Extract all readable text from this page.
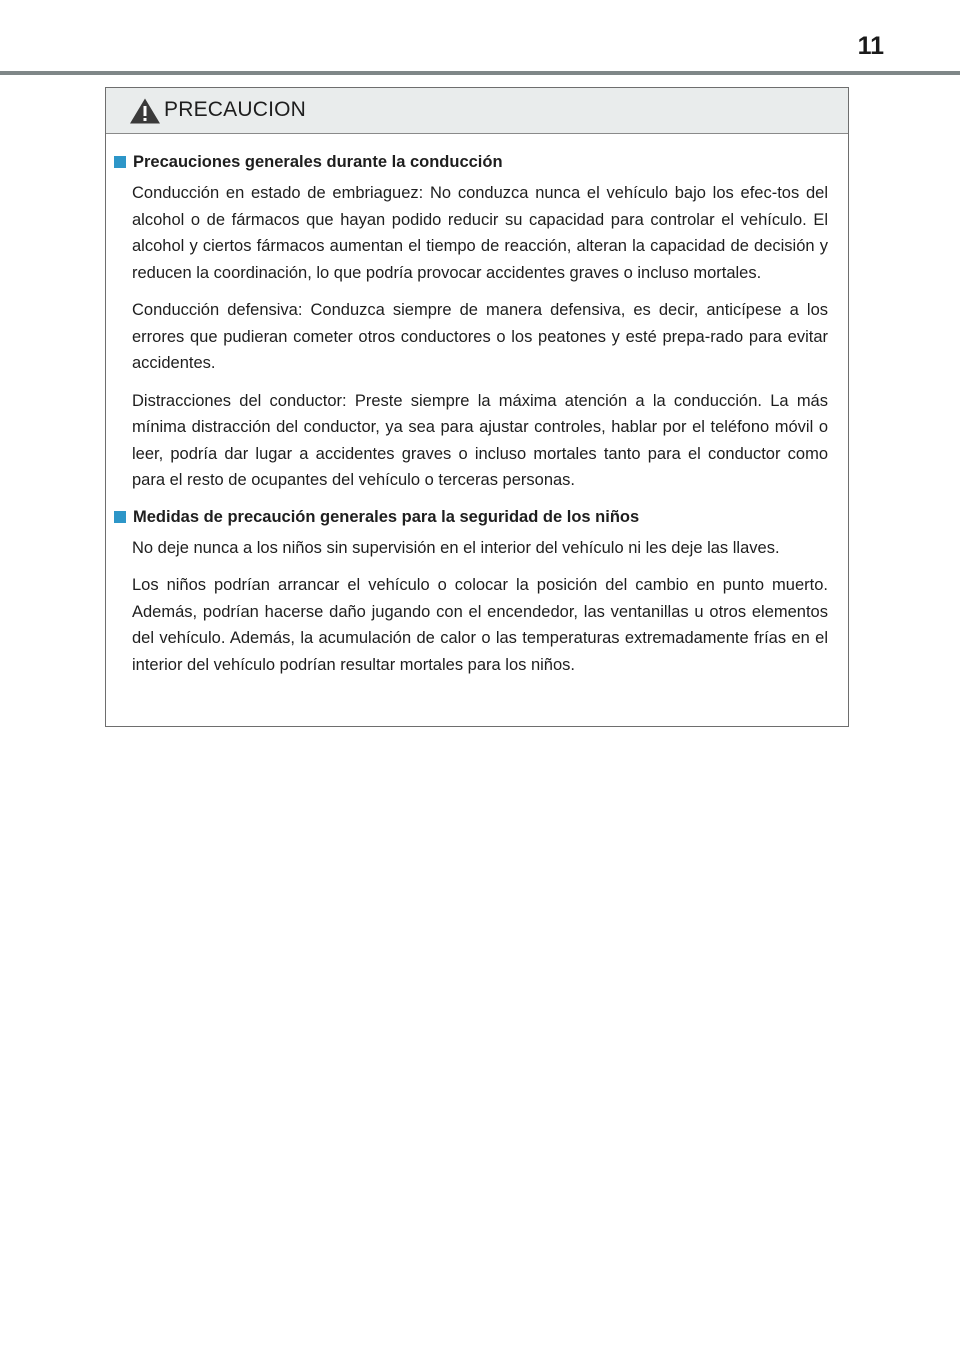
11
PRECAUCION
Precauciones generales durante la conducción

Conducción en estado de embriaguez: No conduzca nunca el vehículo bajo los efec-tos del alcohol o de fármacos que hayan podido reducir su capacidad para controlar el vehículo. El alcohol y ciertos fármacos aumentan el tiempo de reacción, alteran la capacidad de decisión y reducen la coordinación, lo que podría provocar accidentes graves o incluso mortales.

Conducción defensiva: Conduzca siempre de manera defensiva, es decir, anticípese a los errores que pudieran cometer otros conductores o los peatones y esté prepa-rado para evitar accidentes.

Distracciones del conductor: Preste siempre la máxima atención a la conducción. La más mínima distracción del conductor, ya sea para ajustar controles, hablar por el teléfono móvil o leer, podría dar lugar a accidentes graves o incluso mortales tanto para el conductor como para el resto de ocupantes del vehículo o terceras personas.

Medidas de precaución generales para la seguridad de los niños

No deje nunca a los niños sin supervisión en el interior del vehículo ni les deje las llaves.

Los niños podrían arrancar el vehículo o colocar la posición del cambio en punto muerto. Además, podrían hacerse daño jugando con el encendedor, las ventanillas u otros elementos del vehículo. Además, la acumulación de calor o las temperaturas extremadamente frías en el interior del vehículo podrían resultar mortales para los niños.
